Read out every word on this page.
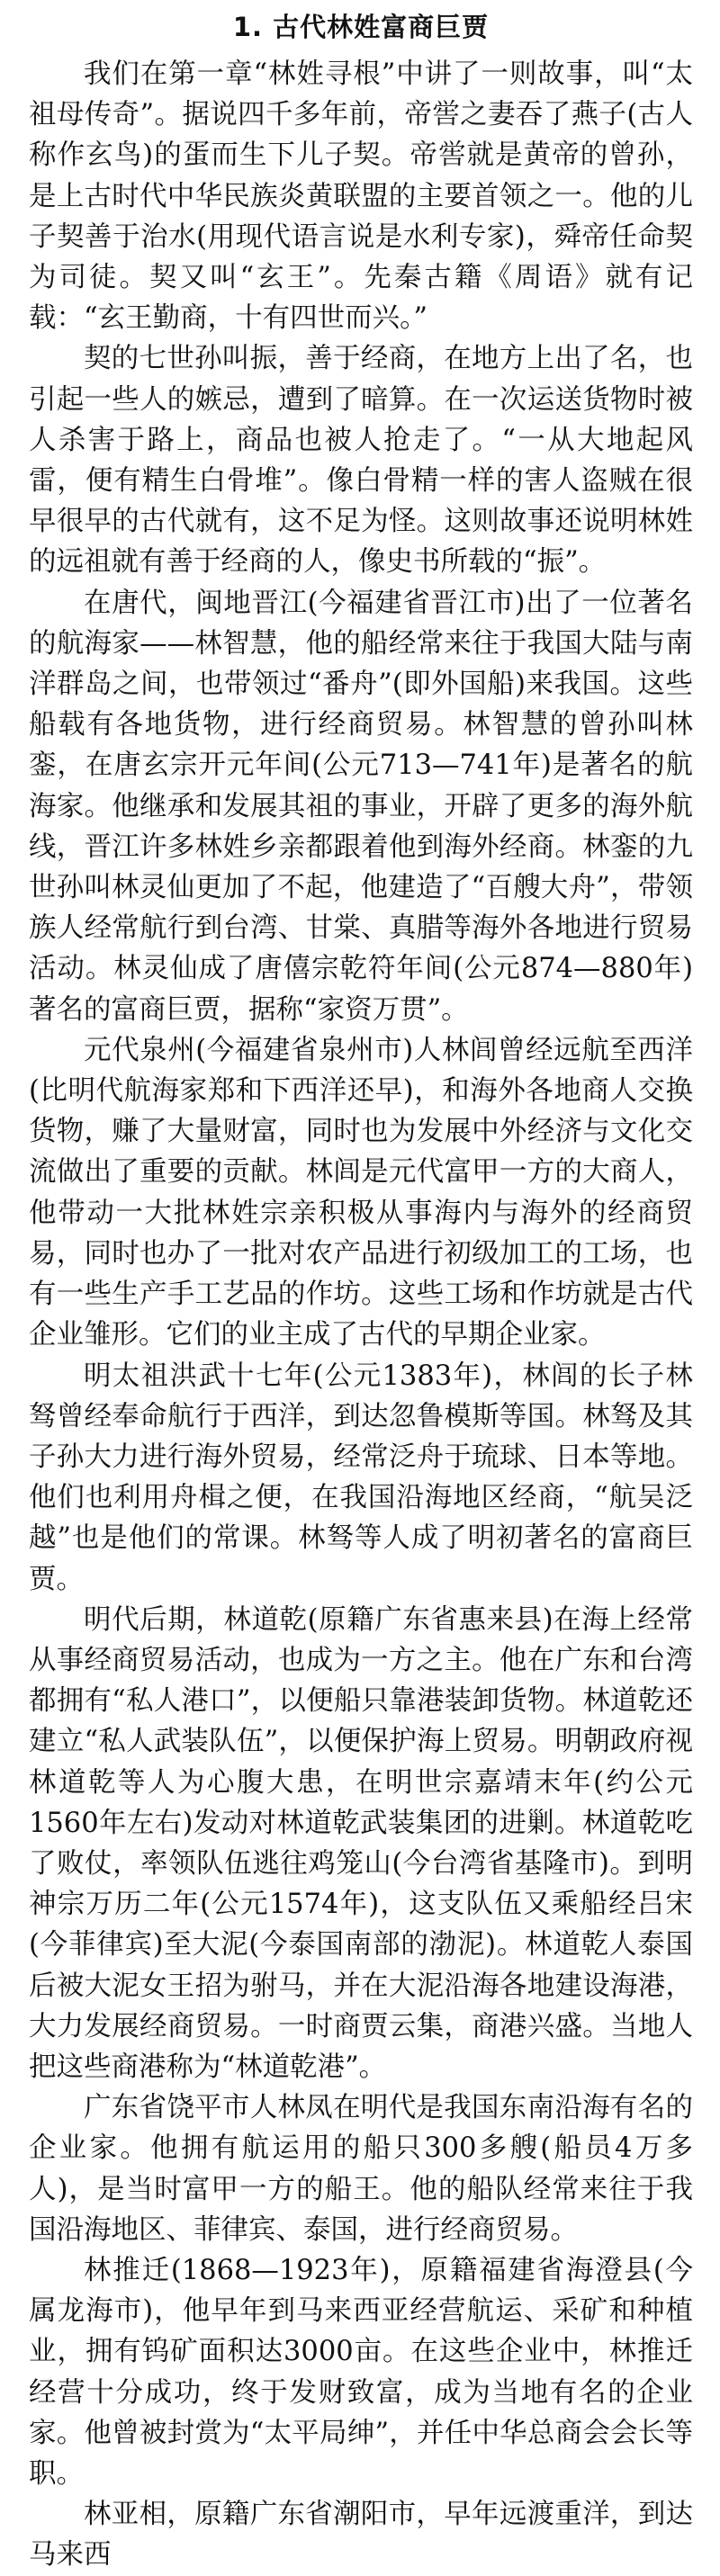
1. 古代林姓富商巨贾

我们在第一章“林姓寻根”中讲了一则故事，叫“太祖母传奇”。据说四千多年前，帝喾之妻吞了燕子(古人称作玄鸟)的蛋而生下儿子契。帝喾就是黄帝的曾孙，是上古时代中华民族炎黄联盟的主要首领之一。他的儿子契善于治水(用现代语言说是水利专家)，舜帝任命契为司徒。契又叫“玄王”。先秦古籍《周语》就有记载：“玄王勤商，十有四世而兴。”

契的七世孙叫振，善于经商，在地方上出了名，也引起一些人的嫉忌，遭到了暗算。在一次运送货物时被人杀害于路上，商品也被人抢走了。“一从大地起风雷，便有精生白骨堆”。像白骨精一样的害人盗贼在很早很早的古代就有，这不足为怪。这则故事还说明林姓的远祖就有善于经商的人，像史书所载的“振”。

在唐代，闽地晋江(今福建省晋江市)出了一位著名的航海家——林智慧，他的船经常来往于我国大陆与南洋群岛之间，也带领过“番舟”(即外国船)来我国。这些船载有各地货物，进行经商贸易。林智慧的曾孙叫林銮，在唐玄宗开元年间(公元713—741年)是著名的航海家。他继承和发展其祖的事业，开辟了更多的海外航线，晋江许多林姓乡亲都跟着他到海外经商。林銮的九世孙叫林灵仙更加了不起，他建造了“百艘大舟”，带领族人经常航行到台湾、甘棠、真腊等海外各地进行贸易活动。林灵仙成了唐僖宗乾符年间(公元874—880年)著名的富商巨贾，据称“家资万贯”。

元代泉州(今福建省泉州市)人林闾曾经远航至西洋(比明代航海家郑和下西洋还早)，和海外各地商人交换货物，赚了大量财富，同时也为发展中外经济与文化交流做出了重要的贡献。林闾是元代富甲一方的大商人，他带动一大批林姓宗亲积极从事海内与海外的经商贸易，同时也办了一批对农产品进行初级加工的工场，也有一些生产手工艺品的作坊。这些工场和作坊就是古代企业雏形。它们的业主成了古代的早期企业家。

明太祖洪武十七年(公元1383年)，林闾的长子林驽曾经奉命航行于西洋，到达忽鲁模斯等国。林驽及其子孙大力进行海外贸易，经常泛舟于琉球、日本等地。他们也利用舟楫之便，在我国沿海地区经商，“航吴泛越”也是他们的常课。林驽等人成了明初著名的富商巨贾。

明代后期，林道乾(原籍广东省惠来县)在海上经常从事经商贸易活动，也成为一方之主。他在广东和台湾都拥有“私人港口”，以便船只靠港装卸货物。林道乾还建立“私人武装队伍”，以便保护海上贸易。明朝政府视林道乾等人为心腹大患，在明世宗嘉靖末年(约公元1560年左右)发动对林道乾武装集团的进剿。林道乾吃了败仗，率领队伍逃往鸡笼山(今台湾省基隆市)。到明神宗万历二年(公元1574年)，这支队伍又乘船经吕宋(今菲律宾)至大泥(今泰国南部的渤泥)。林道乾人泰国后被大泥女王招为驸马，并在大泥沿海各地建设海港，大力发展经商贸易。一时商贾云集，商港兴盛。当地人把这些商港称为“林道乾港”。

广东省饶平市人林凤在明代是我国东南沿海有名的企业家。他拥有航运用的船只300多艘(船员4万多人)，是当时富甲一方的船王。他的船队经常来往于我国沿海地区、菲律宾、泰国，进行经商贸易。

林推迁(1868—1923年)，原籍福建省海澄县(今属龙海市)，他早年到马来西亚经营航运、采矿和种植业，拥有钨矿面积达3000亩。在这些企业中，林推迁经营十分成功，终于发财致富，成为当地有名的企业家。他曾被封赏为“太平局绅”，并任中华总商会会长等职。

林亚相，原籍广东省潮阳市，早年远渡重洋，到达马来西
